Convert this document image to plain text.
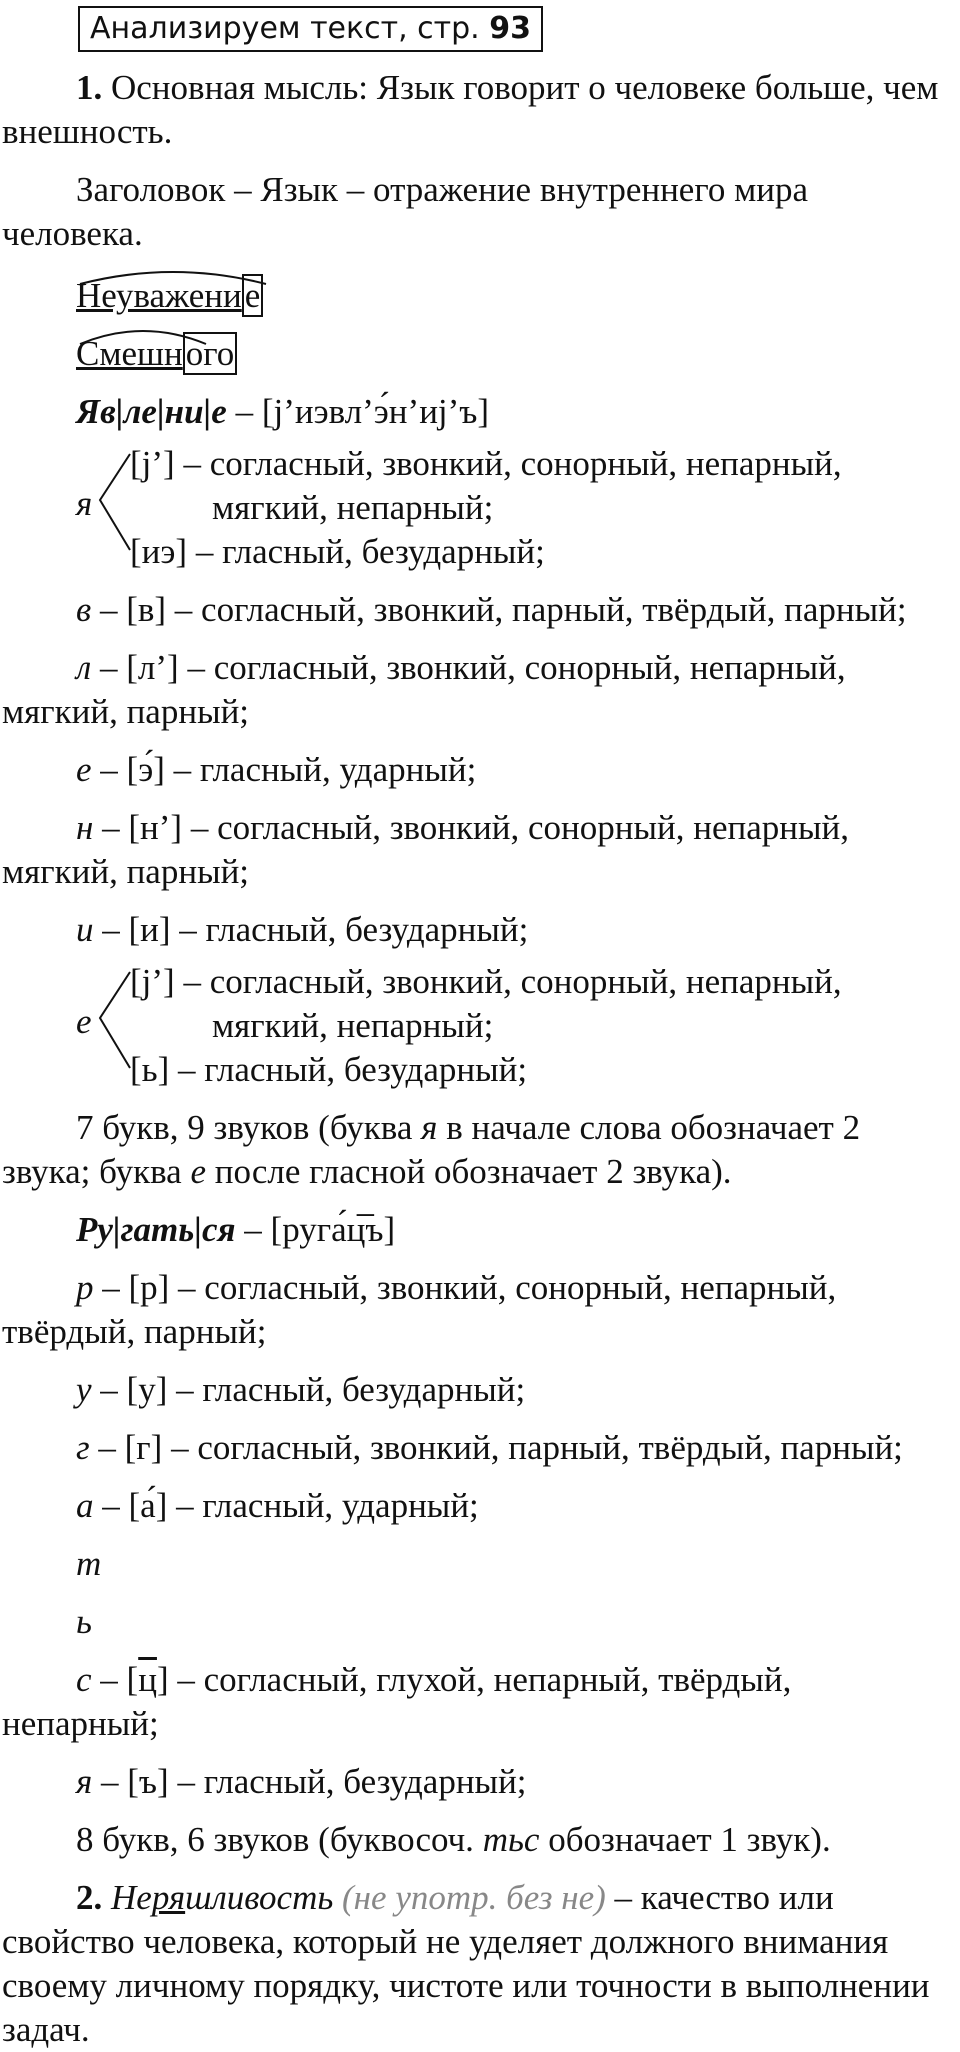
Анализируем текст, стр. 93

1. Основная мысль: Язык говорит о человеке больше, чем внешность.

Заголовок – Язык – отражение внутреннего мира человека.

Неуважение
Смешного

Яв|ле|ни|е – [j’иэвл’э́н’иj’ъ]

я
[j’] – согласный, звонкий, сонорный, непарный,
мягкий, непарный;
[иэ] – гласный, безударный;

в – [в] – согласный, звонкий, парный, твёрдый, парный;

л – [л’] – согласный, звонкий, сонорный, непарный, мягкий, парный;

е – [э́] – гласный, ударный;

н – [н’] – согласный, звонкий, сонорный, непарный, мягкий, парный;

и – [и] – гласный, безударный;

е
[j’] – согласный, звонкий, сонорный, непарный,
мягкий, непарный;
[ь] – гласный, безударный;

7 букв, 9 звуков (буква я в начале слова обозначает 2 звука; буква е после гласной обозначает 2 звука).

Ру|гать|ся – [руга́ц̅ъ]

р – [р] – согласный, звонкий, сонорный, непарный, твёрдый, парный;

у – [у] – гласный, безударный;

г – [г] – согласный, звонкий, парный, твёрдый, парный;

а – [а́] – гласный, ударный;

т

ь

с – [ц] – согласный, глухой, непарный, твёрдый, непарный;

я – [ъ] – гласный, безударный;

8 букв, 6 звуков (буквосоч. тьс обозначает 1 звук).

2. Неряшливость (не употр. без не) – качество или свойство человека, который не уделяет должного внимания своему личному порядку, чистоте или точности в выполнении задач.
